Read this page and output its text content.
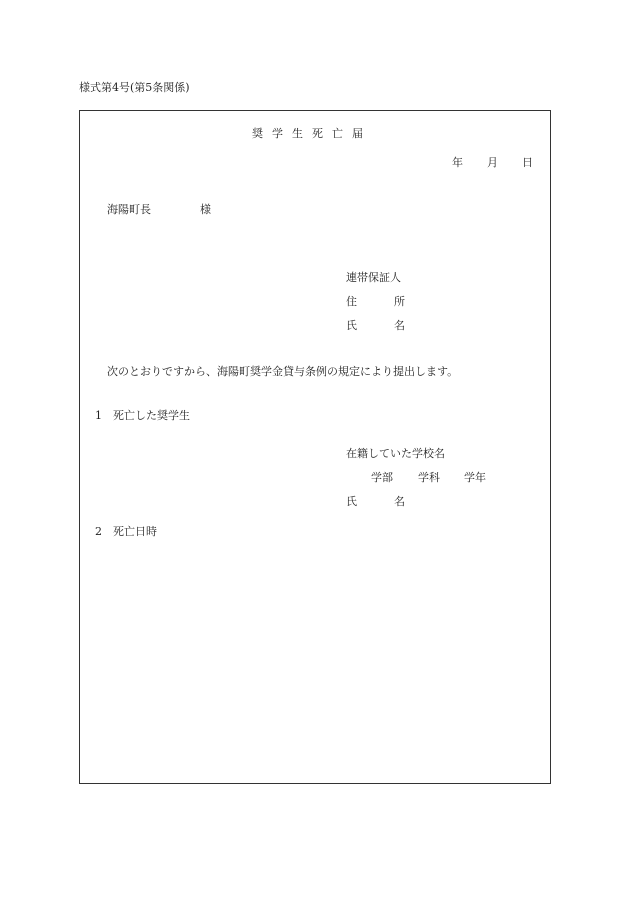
様式第4号(第5条関係)
奨学生死亡届
年 月 日
海陽町長	様
連帯保証人
住	所
氏	名
次のとおりですから、海陽町奨学金貸与条例の規定により提出します。
1 死亡した奨学生
在籍していた学校名
学部 学科 学年
氏	名
2 死亡日時
